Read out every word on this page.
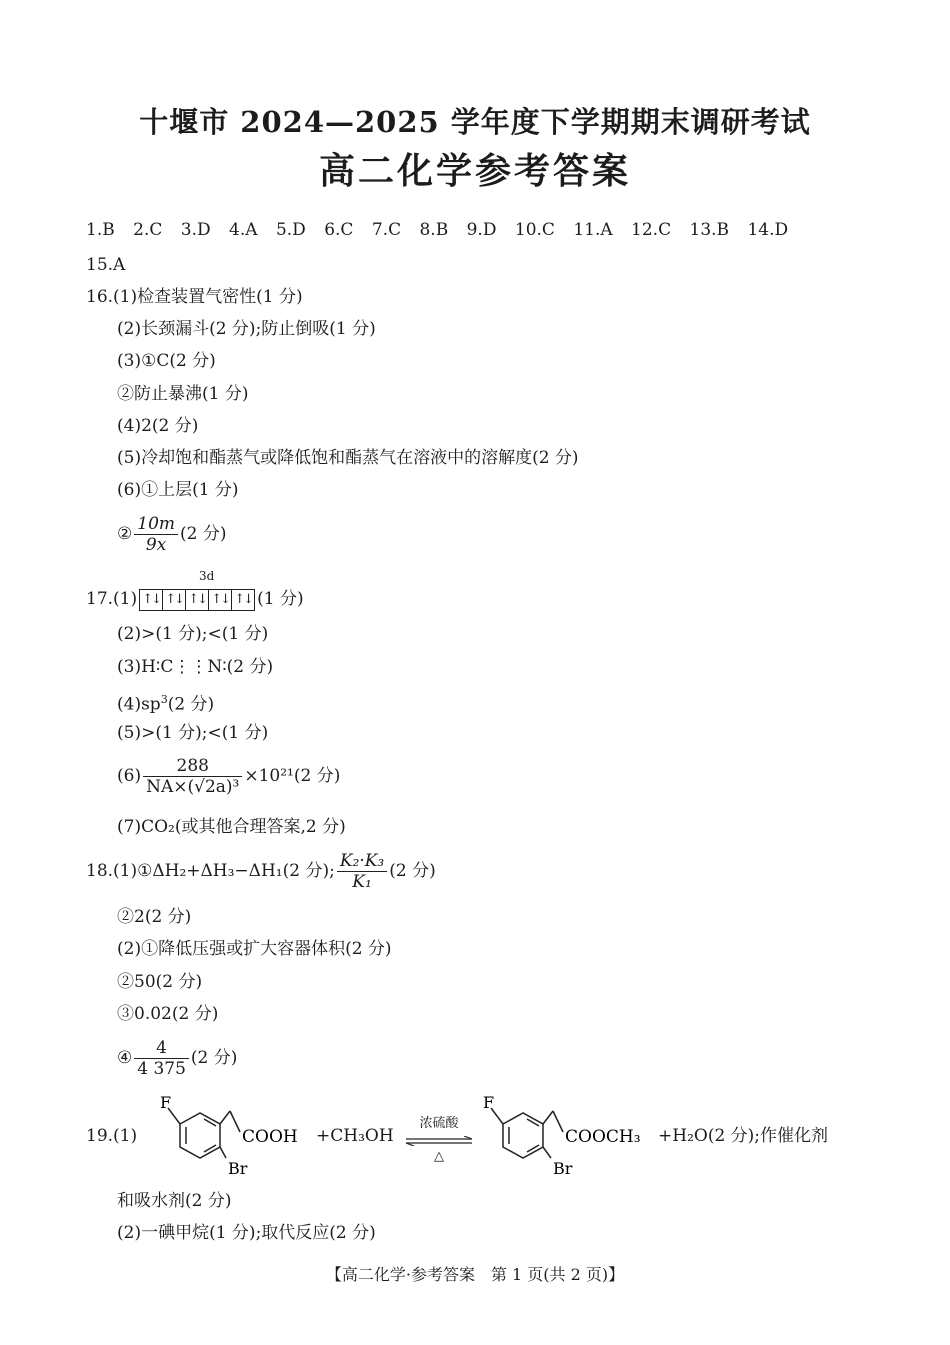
十堰市 2024—2025 学年度下学期期末调研考试
高二化学参考答案
1.B 2.C 3.D 4.A 5.D 6.C 7.C 8.B 9.D 10.C 11.A 12.C 13.B 14.D
15.A
16.(1)检查装置气密性(1 分)
(2)长颈漏斗(2 分);防止倒吸(1 分)
(3)①C(2 分)
②防止暴沸(1 分)
(4)2(2 分)
(5)冷却饱和酯蒸气或降低饱和酯蒸气在溶液中的溶解度(2 分)
(6)①上层(1 分)
② $\frac{10m}{9x} (2$ 分)
3d
17.(1) ↑↓ ↑↓ ↑↓ ↑↓ ↑↓ (1 分)
(2)>(1 分);<(1 分)
(3)H∶C⋮⋮N∶(2 分)
$(4)sp^3(2$ 分)
(5)>(1 分);<(1 分)
$(6) \frac{288}{\text{NA×(√2a)³}} \times 10^{21}(2$ 分)
(7)CO₂(或其他合理答案,2 分)
18.(1)①ΔH₂+ΔH₃−ΔH₁(2 分); $\frac{\text{K₂·K₃}}{\text{K₁}} (2$ 分)
②2(2 分)
(2)①降低压强或扩大容器体积(2 分)
②50(2 分)
③0.02(2 分)
④ $\frac{4}{4 375} (2$ 分)
19.(1)
F
Br
COOH +CH₃OH
浓硫酸
△
F
Br
COOCH₃ +H₂O(2 分);作催化剂
和吸水剂(2 分)
(2)一碘甲烷(1 分);取代反应(2 分)
【高二化学·参考答案　第 1 页(共 2 页)】
